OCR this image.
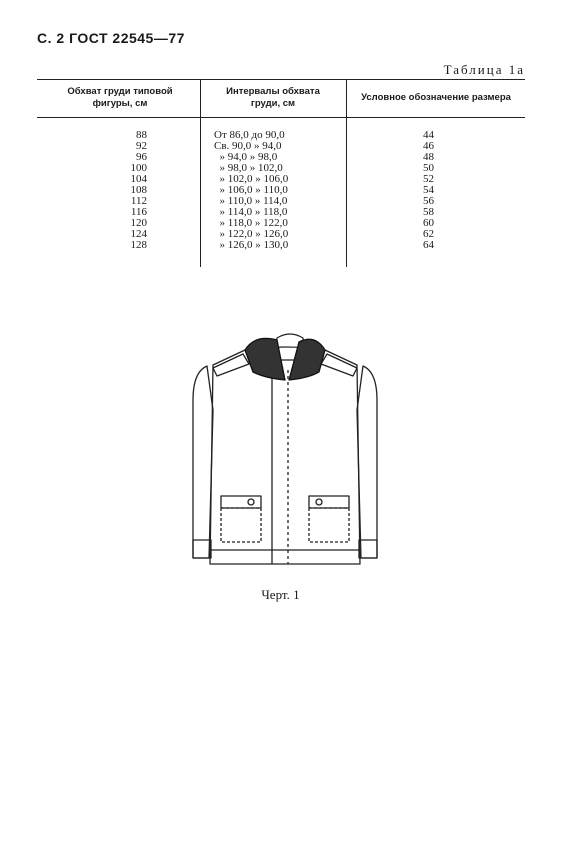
С. 2 ГОСТ 22545—77
Таблица 1а
Обхват груди типовой фигуры, см
Интервалы обхвата груди, см
Условное обозначение размера
88
92
96
100
104
108
112
116
120
124
128
От 86,0 до 90,0
Св. 90,0 » 94,0
» 94,0 » 98,0
» 98,0 » 102,0
» 102,0 » 106,0
» 106,0 » 110,0
» 110,0 » 114,0
» 114,0 » 118,0
» 118,0 » 122,0
» 122,0 » 126,0
» 126,0 » 130,0
44
46
48
50
52
54
56
58
60
62
64
Черт. 1
